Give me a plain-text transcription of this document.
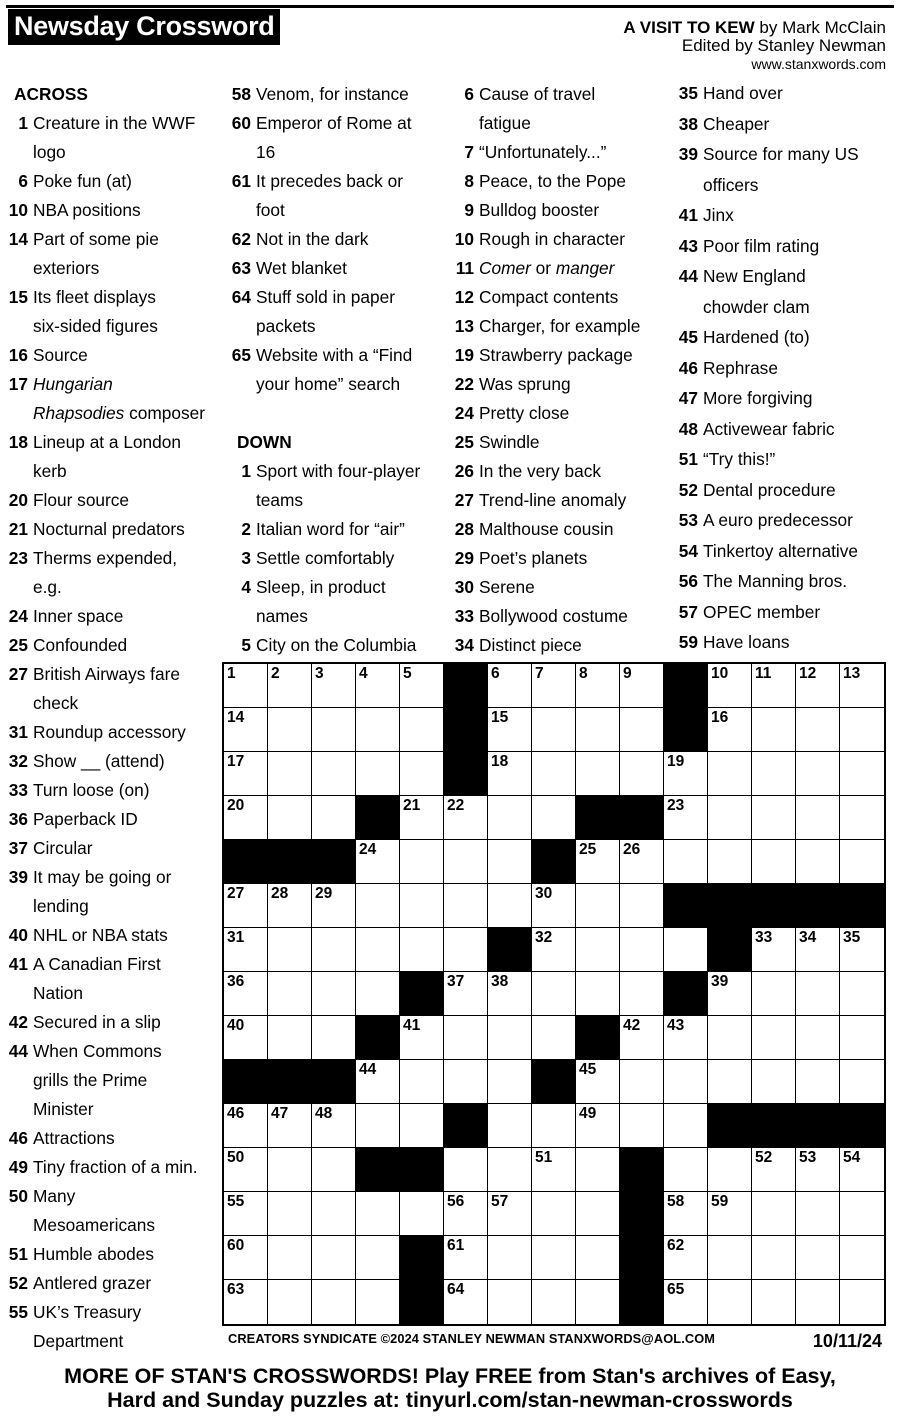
Newsday Crossword	A VISIT TO KEW by Mark McClain
Edited by Stanley Newman
www.stanxwords.com
ACROSS
1 Creature in the WWF
logo
6 Poke fun (at)
10 NBA positions
14 Part of some pie
exteriors
15 Its fleet displays
six-sided figures
16 Source
17 Hungarian
Rhapsodies composer
18 Lineup at a London
kerb
20 Flour source
21 Nocturnal predators
23 Therms expended,
e.g.
24 Inner space
25 Confounded
27 British Airways fare
check
31 Roundup accessory
32 Show __ (attend)
33 Turn loose (on)
36 Paperback ID
37 Circular
39 It may be going or
lending
40 NHL or NBA stats
41 A Canadian First
Nation
42 Secured in a slip
44 When Commons
grills the Prime
Minister
46 Attractions
49 Tiny fraction of a min.
50 Many
Mesoamericans
51 Humble abodes
52 Antlered grazer
55 UK’s Treasury
Department
58 Venom, for instance
60 Emperor of Rome at
16
61 It precedes back or
foot
62 Not in the dark
63 Wet blanket
64 Stuff sold in paper
packets
65 Website with a “Find
your home” search

DOWN
1 Sport with four-player
teams
2 Italian word for “air”
3 Settle comfortably
4 Sleep, in product
names
5 City on the Columbia
6 Cause of travel
fatigue
7 “Unfortunately...”
8 Peace, to the Pope
9 Bulldog booster
10 Rough in character
11 Comer or manger
12 Compact contents
13 Charger, for example
19 Strawberry package
22 Was sprung
24 Pretty close
25 Swindle
26 In the very back
27 Trend-line anomaly
28 Malthouse cousin
29 Poet’s planets
30 Serene
33 Bollywood costume
34 Distinct piece
35 Hand over
38 Cheaper
39 Source for many US
officers
41 Jinx
43 Poor film rating
44 New England
chowder clam
45 Hardened (to)
46 Rephrase
47 More forgiving
48 Activewear fabric
51 “Try this!”
52 Dental procedure
53 A euro predecessor
54 Tinkertoy alternative
56 The Manning bros.
57 OPEC member
59 Have loans
1 2 3 4 5	6 7 8 9	10 11 12 13
14	15	16
17	18	19
20	21 22	23
24	25 26
27 28 29	30
31	32	33 34 35
36	37 38	39
40	41	42 43
44	45
46 47 48	49
50	51	52 53 54
55	56 57	58 59
60	61	62
63	64	65
CREATORS SYNDICATE ©2024 STANLEY NEWMAN STANXWORDS@AOL.COM	10/11/24
MORE OF STAN'S CROSSWORDS! Play FREE from Stan's archives of Easy,
Hard and Sunday puzzles at: tinyurl.com/stan-newman-crosswords
